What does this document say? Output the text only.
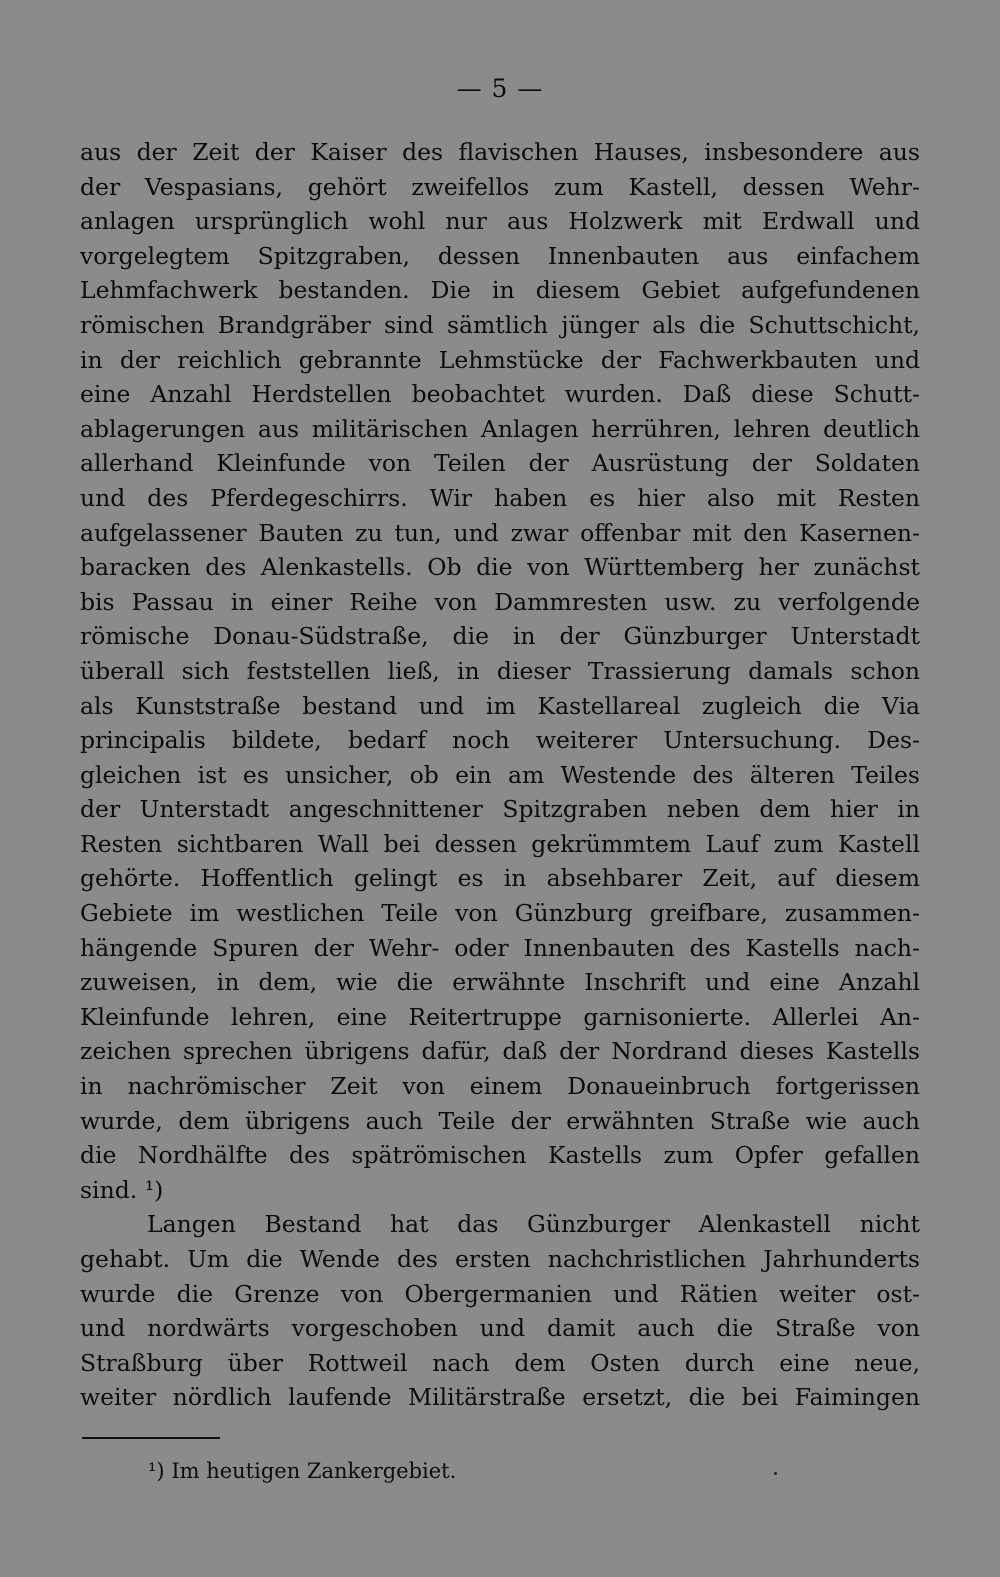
— 5 —
aus der Zeit der Kaiser des flavischen Hauses, insbesondere aus
der Vespasians, gehört zweifellos zum Kastell, dessen Wehr-
anlagen ursprünglich wohl nur aus Holzwerk mit Erdwall und
vorgelegtem Spitzgraben, dessen Innenbauten aus einfachem
Lehmfachwerk bestanden. Die in diesem Gebiet aufgefundenen
römischen Brandgräber sind sämtlich jünger als die Schuttschicht,
in der reichlich gebrannte Lehmstücke der Fachwerkbauten und
eine Anzahl Herdstellen beobachtet wurden. Daß diese Schutt-
ablagerungen aus militärischen Anlagen herrühren, lehren deutlich
allerhand Kleinfunde von Teilen der Ausrüstung der Soldaten
und des Pferdegeschirrs. Wir haben es hier also mit Resten
aufgelassener Bauten zu tun, und zwar offenbar mit den Kasernen-
baracken des Alenkastells. Ob die von Württemberg her zunächst
bis Passau in einer Reihe von Dammresten usw. zu verfolgende
römische Donau-Südstraße, die in der Günzburger Unterstadt
überall sich feststellen ließ, in dieser Trassierung damals schon
als Kunststraße bestand und im Kastellareal zugleich die Via
principalis bildete, bedarf noch weiterer Untersuchung. Des-
gleichen ist es unsicher, ob ein am Westende des älteren Teiles
der Unterstadt angeschnittener Spitzgraben neben dem hier in
Resten sichtbaren Wall bei dessen gekrümmtem Lauf zum Kastell
gehörte. Hoffentlich gelingt es in absehbarer Zeit, auf diesem
Gebiete im westlichen Teile von Günzburg greifbare, zusammen-
hängende Spuren der Wehr- oder Innenbauten des Kastells nach-
zuweisen, in dem, wie die erwähnte Inschrift und eine Anzahl
Kleinfunde lehren, eine Reitertruppe garnisonierte. Allerlei An-
zeichen sprechen übrigens dafür, daß der Nordrand dieses Kastells
in nachrömischer Zeit von einem Donaueinbruch fortgerissen
wurde, dem übrigens auch Teile der erwähnten Straße wie auch
die Nordhälfte des spätrömischen Kastells zum Opfer gefallen
sind. ¹)
Langen Bestand hat das Günzburger Alenkastell nicht
gehabt. Um die Wende des ersten nachchristlichen Jahrhunderts
wurde die Grenze von Obergermanien und Rätien weiter ost-
und nordwärts vorgeschoben und damit auch die Straße von
Straßburg über Rottweil nach dem Osten durch eine neue,
weiter nördlich laufende Militärstraße ersetzt, die bei Faimingen
¹) Im heutigen Zankergebiet.
